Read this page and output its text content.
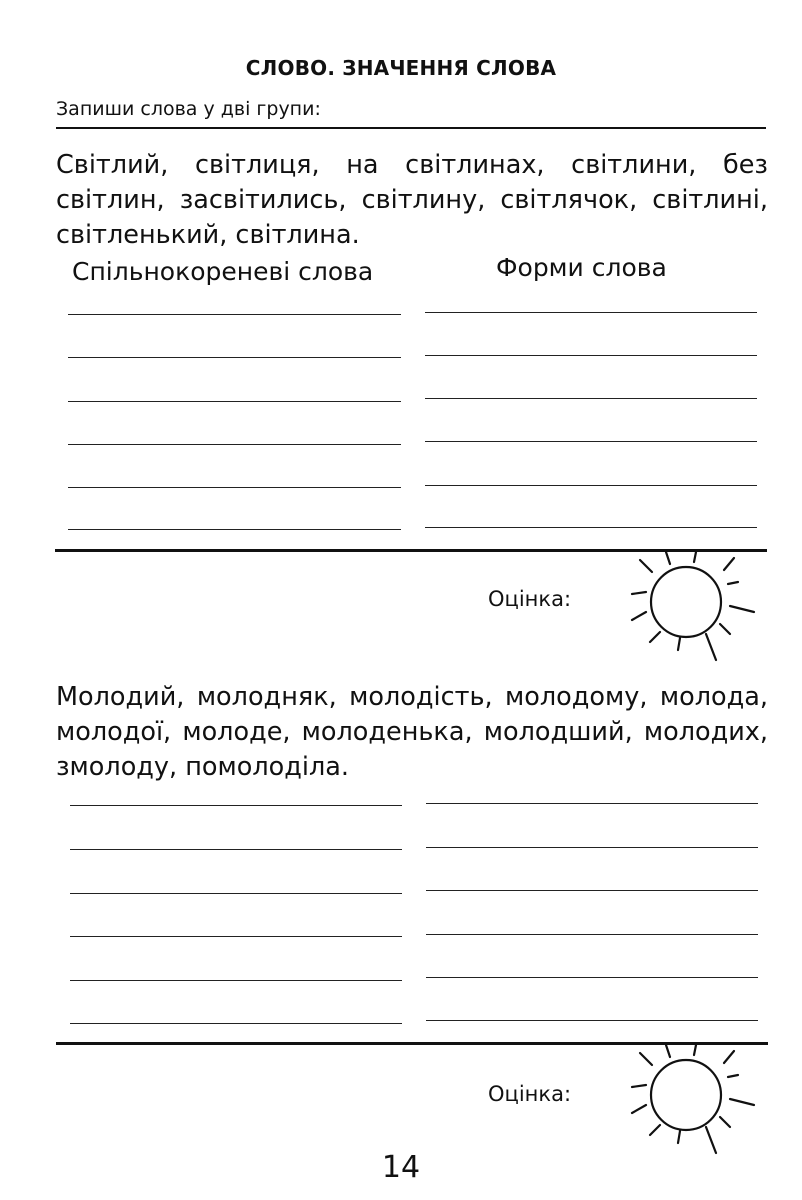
СЛОВО. ЗНАЧЕННЯ СЛОВА
Запиши слова у дві групи:
Світлий, світлиця, на світлинах, світлини, без світлин, засвітились, світлину, світлячок, світлині, світленький, світлина.
Спільнокореневі слова	Форми слова
Оцінка:
Молодий, молодняк, молодість, молодому, молода, молодої, молоде, молоденька, молодший, молодих, змолоду, помолоділа.
Оцінка:
14
